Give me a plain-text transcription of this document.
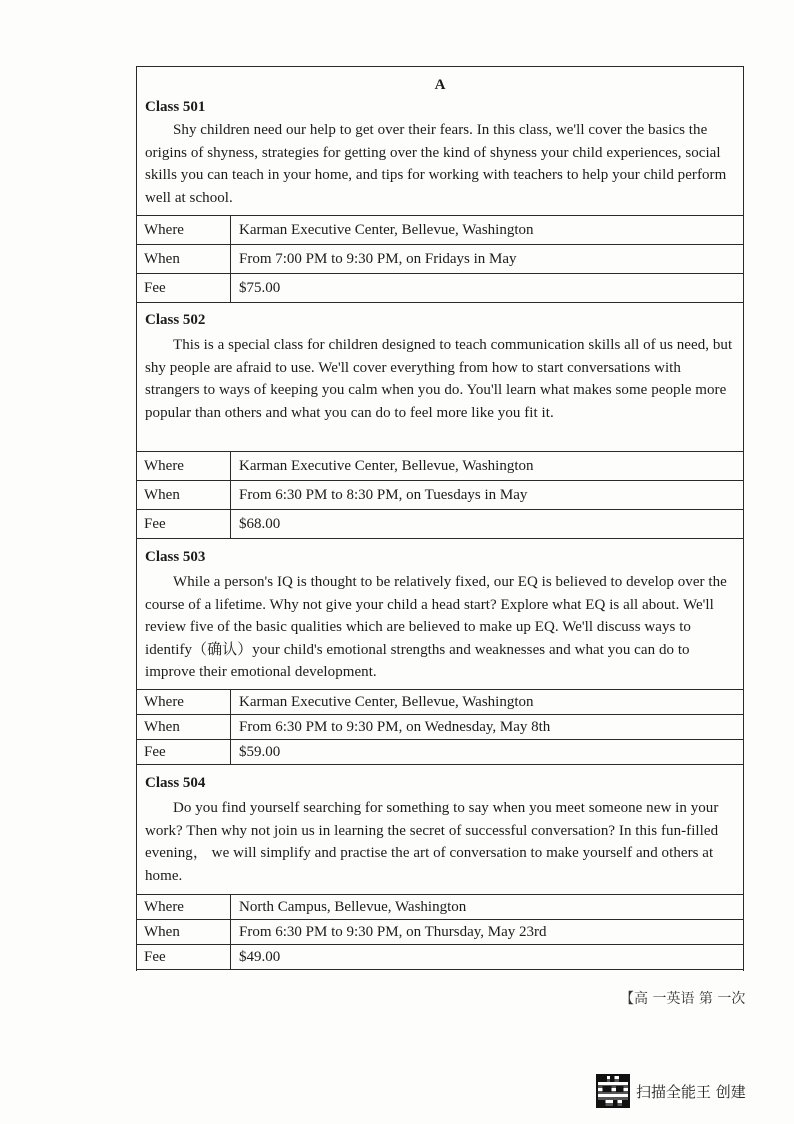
A
Class 501
Shy children need our help to get over their fears. In this class, we'll cover the basics the origins of shyness, strategies for getting over the kind of shyness your child experiences, social skills you can teach in your home, and tips for working with teachers to help your child perform well at school.
Where	Karman Executive Center, Bellevue, Washington
When	From 7:00 PM to 9:30 PM, on Fridays in May
Fee	$75.00
Class 502
This is a special class for children designed to teach communication skills all of us need, but shy people are afraid to use. We'll cover everything from how to start conversations with strangers to ways of keeping you calm when you do. You'll learn what makes some people more popular than others and what you can do to feel more like you fit it.
Where	Karman Executive Center, Bellevue, Washington
When	From 6:30 PM to 8:30 PM, on Tuesdays in May
Fee	$68.00
Class 503
While a person's IQ is thought to be relatively fixed, our EQ is believed to develop over the course of a lifetime. Why not give your child a head start? Explore what EQ is all about. We'll review five of the basic qualities which are believed to make up EQ. We'll discuss ways to identify（确认）your child's emotional strengths and weaknesses and what you can do to improve their emotional development.
Where	Karman Executive Center, Bellevue, Washington
When	From 6:30 PM to 9:30 PM, on Wednesday, May 8th
Fee	$59.00
Class 504
Do you find yourself searching for something to say when you meet someone new in your work? Then why not join us in learning the secret of successful conversation? In this fun-filled evening， we will simplify and practise the art of conversation to make yourself and others at home.
Where	North Campus, Bellevue, Washington
When	From 6:30 PM to 9:30 PM, on Thursday, May 23rd
Fee	$49.00
【高 一英语 第 一次
扫描全能王 创建
